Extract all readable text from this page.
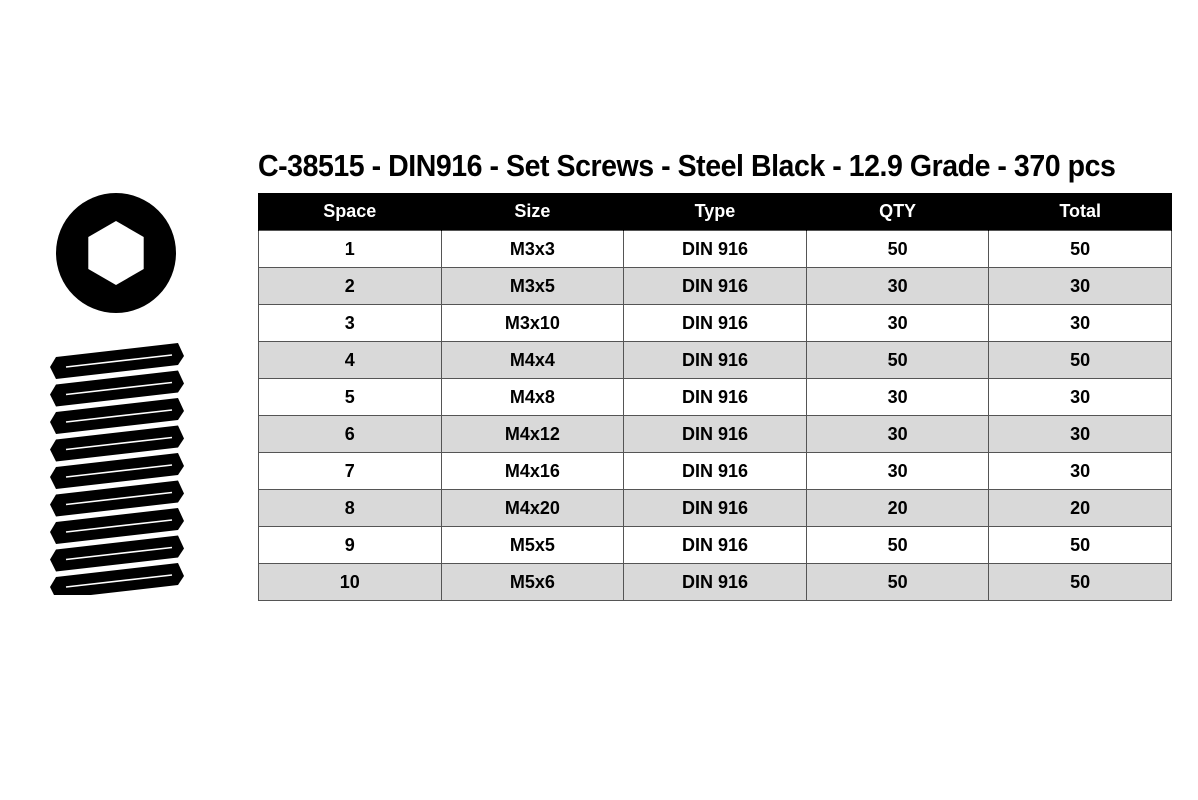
C-38515 - DIN916 - Set Screws - Steel Black - 12.9 Grade - 370 pcs
Space	Size	Type	QTY	Total
1	M3x3	DIN 916	50	50
2	M3x5	DIN 916	30	30
3	M3x10	DIN 916	30	30
4	M4x4	DIN 916	50	50
5	M4x8	DIN 916	30	30
6	M4x12	DIN 916	30	30
7	M4x16	DIN 916	30	30
8	M4x20	DIN 916	20	20
9	M5x5	DIN 916	50	50
10	M5x6	DIN 916	50	50
